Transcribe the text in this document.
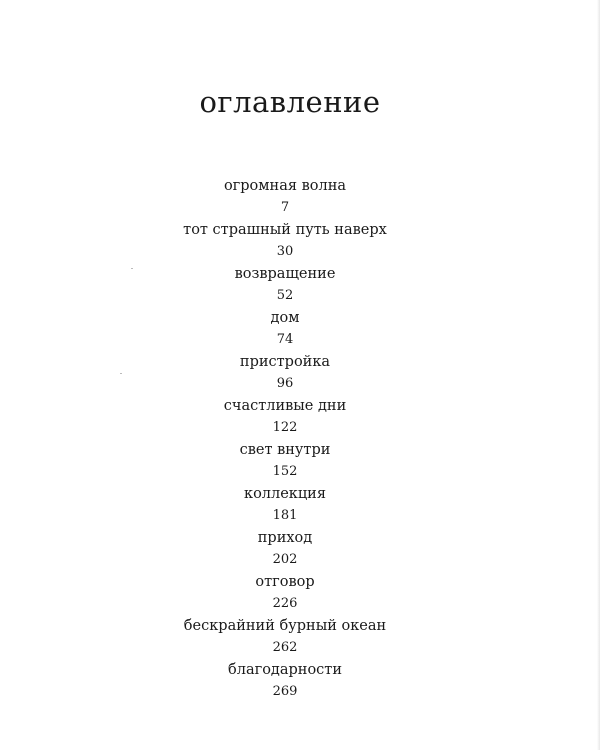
оглавление
огромная волна
7
тот страшный путь наверх
30
возвращение
52
дом
74
пристройка
96
счастливые дни
122
свет внутри
152
коллекция
181
приход
202
отговор
226
бескрайний бурный океан
262
благодарности
269
